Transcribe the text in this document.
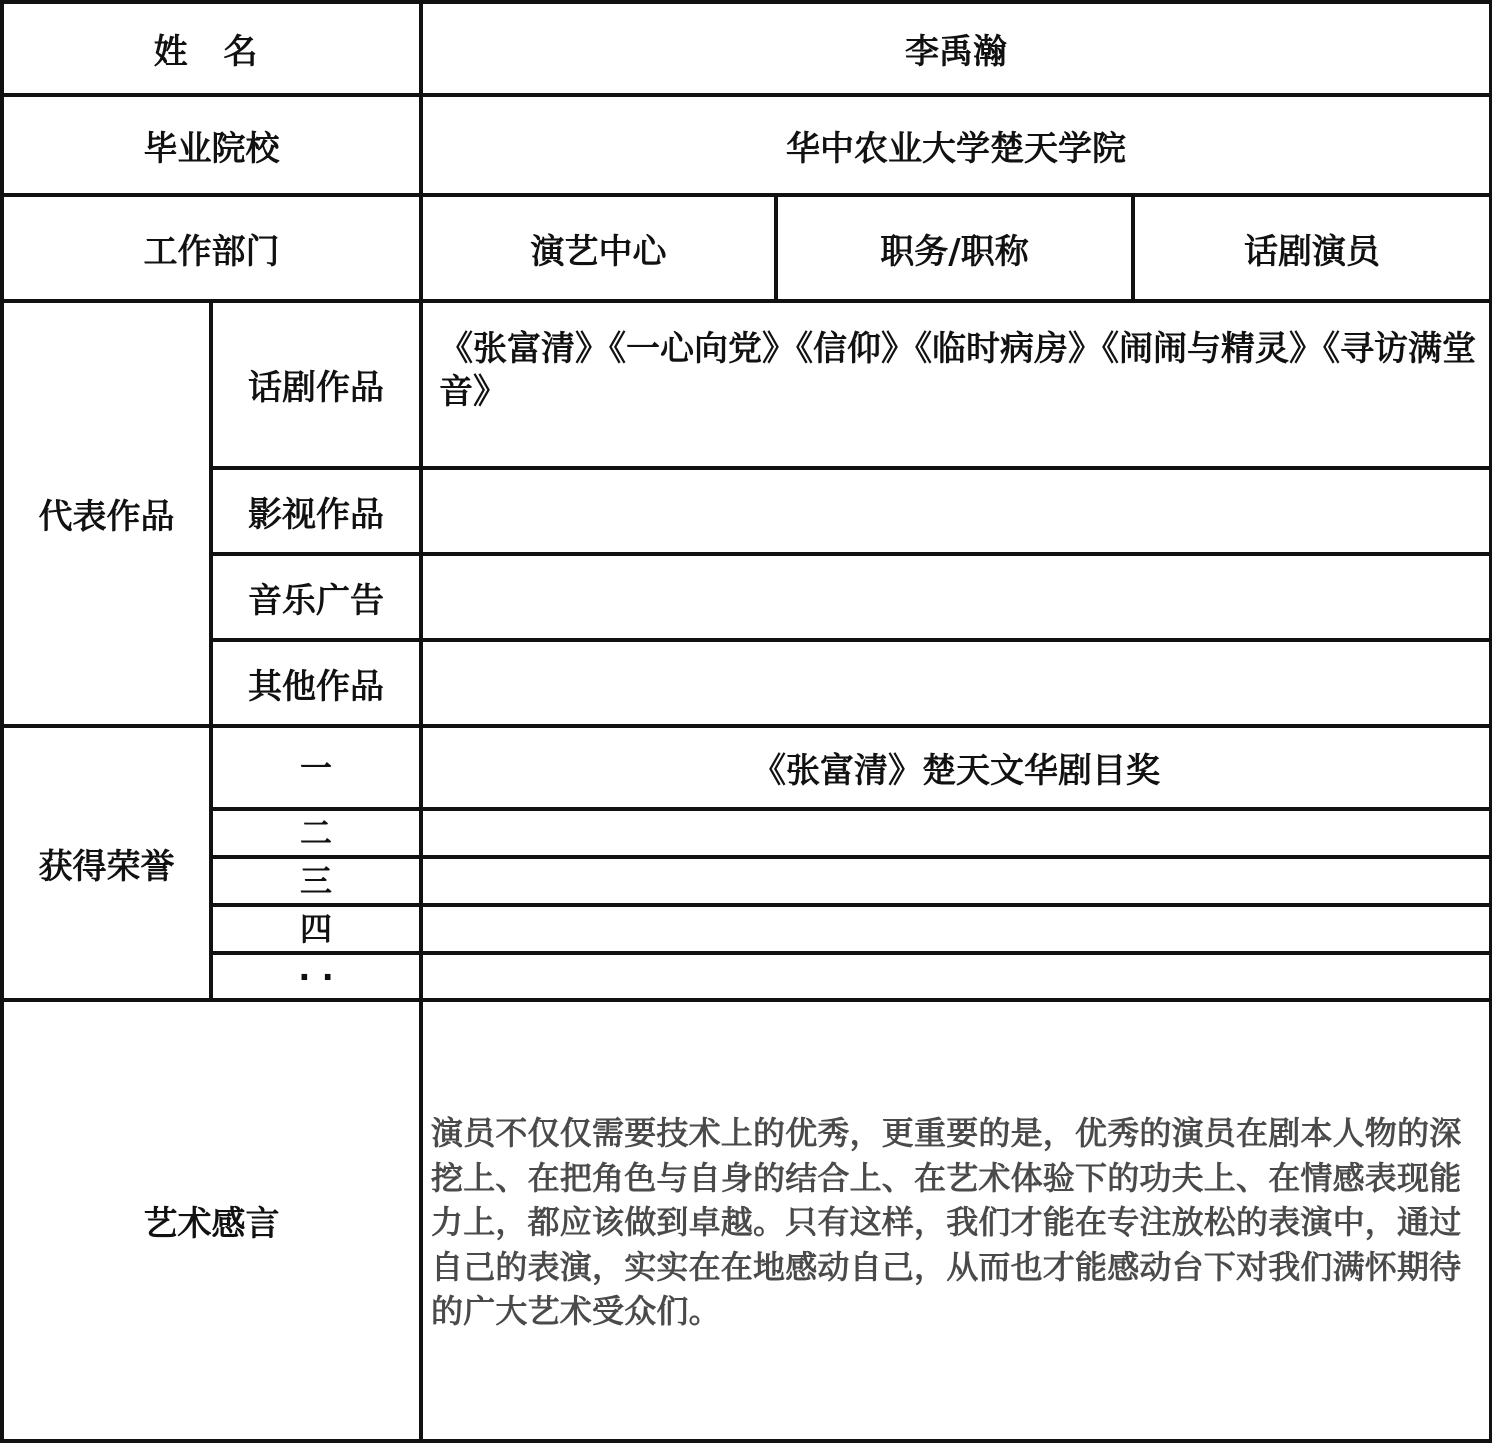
姓 名		李禹瀚		
毕业院校		华中农业大学楚天学院		
工作部门		演艺中心	职务/职称	话剧演员
代表作品	话剧作品	《张富清》《一心向党》《信仰》《临时病房》《闹闹与精灵》《寻访满堂音》		
	影视作品			
	音乐广告			
	其他作品			
获得荣誉	一	《张富清》楚天文华剧目奖		
	二			
	三			
	四			
	· ·			
艺术感言		演员不仅仅需要技术上的优秀，更重要的是，优秀的演员在剧本人物的深挖上、在把角色与自身的结合上、在艺术体验下的功夫上、在情感表现能力上，都应该做到卓越。只有这样，我们才能在专注放松的表演中，通过自己的表演，实实在在地感动自己，从而也才能感动台下对我们满怀期待的广大艺术受众们。		
